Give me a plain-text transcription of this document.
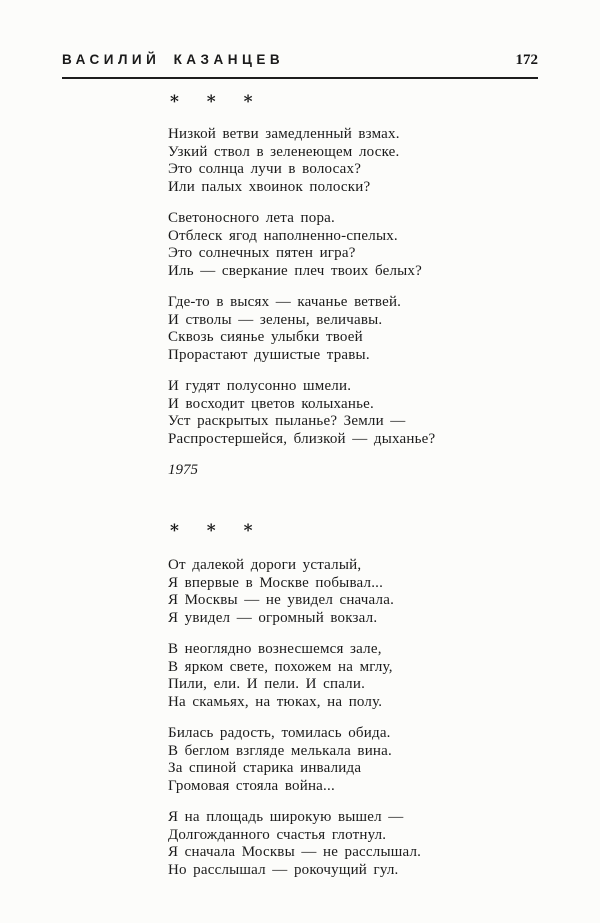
ВАСИЛИЙ КАЗАНЦЕВ	172
* * *

Низкой ветви замедленный взмах.
Узкий ствол в зеленеющем лоске.
Это солнца лучи в волосах?
Или палых хвоинок полоски?

Светоносного лета пора.
Отблеск ягод наполненно-спелых.
Это солнечных пятен игра?
Иль — сверкание плеч твоих белых?

Где-то в высях — качанье ветвей.
И стволы — зелены, величавы.
Сквозь сиянье улыбки твоей
Прорастают душистые травы.

И гудят полусонно шмели.
И восходит цветов колыханье.
Уст раскрытых пыланье? Земли —
Распростершейся, близкой — дыханье?

1975
* * *

От далекой дороги усталый,
Я впервые в Москве побывал...
Я Москвы — не увидел сначала.
Я увидел — огромный вокзал.

В неоглядно вознесшемся зале,
В ярком свете, похожем на мглу,
Пили, ели. И пели. И спали.
На скамьях, на тюках, на полу.

Билась радость, томилась обида.
В беглом взгляде мелькала вина.
За спиной старика инвалида
Громовая стояла война...

Я на площадь широкую вышел —
Долгожданного счастья глотнул.
Я сначала Москвы — не расслышал.
Но расслышал — рокочущий гул.
